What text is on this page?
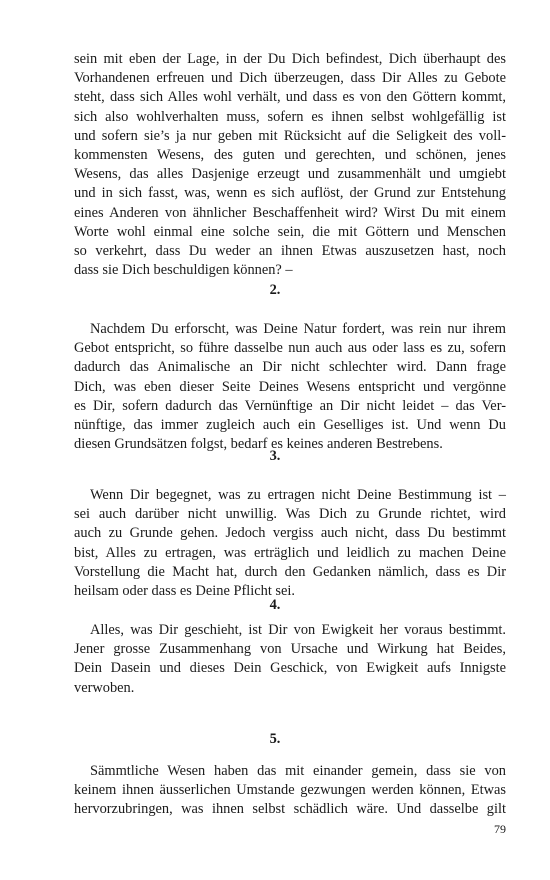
sein mit eben der Lage, in der Du Dich befindest, Dich überhaupt des
Vorhandenen erfreuen und Dich überzeugen, dass Dir Alles zu Gebote
steht, dass sich Alles wohl verhält, und dass es von den Göttern kommt,
sich also wohlverhalten muss, sofern es ihnen selbst wohlgefällig ist
und sofern sie’s ja nur geben mit Rücksicht auf die Seligkeit des voll-
kommensten Wesens, des guten und gerechten, und schönen, jenes
Wesens, das alles Dasjenige erzeugt und zusammenhält und umgiebt
und in sich fasst, was, wenn es sich auflöst, der Grund zur Entstehung
eines Anderen von ähnlicher Beschaffenheit wird? Wirst Du mit einem
Worte wohl einmal eine solche sein, die mit Göttern und Menschen
so verkehrt, dass Du weder an ihnen Etwas auszusetzen hast, noch
dass sie Dich beschuldigen können? –
2.
Nachdem Du erforscht, was Deine Natur fordert, was rein nur ihrem
Gebot entspricht, so führe dasselbe nun auch aus oder lass es zu, sofern
dadurch das Animalische an Dir nicht schlechter wird. Dann frage
Dich, was eben dieser Seite Deines Wesens entspricht und vergönne
es Dir, sofern dadurch das Vernünftige an Dir nicht leidet – das Ver-
nünftige, das immer zugleich auch ein Geselliges ist. Und wenn Du
diesen Grundsätzen folgst, bedarf es keines anderen Bestrebens.
3.
Wenn Dir begegnet, was zu ertragen nicht Deine Bestimmung ist –
sei auch darüber nicht unwillig. Was Dich zu Grunde richtet, wird
auch zu Grunde gehen. Jedoch vergiss auch nicht, dass Du bestimmt
bist, Alles zu ertragen, was erträglich und leidlich zu machen Deine
Vorstellung die Macht hat, durch den Gedanken nämlich, dass es Dir
heilsam oder dass es Deine Pflicht sei.
4.
Alles, was Dir geschieht, ist Dir von Ewigkeit her voraus bestimmt.
Jener grosse Zusammenhang von Ursache und Wirkung hat Beides,
Dein Dasein und dieses Dein Geschick, von Ewigkeit aufs Innigste
verwoben.
5.
Sämmtliche Wesen haben das mit einander gemein, dass sie von
keinem ihnen äusserlichen Umstande gezwungen werden können, Etwas
hervorzubringen, was ihnen selbst schädlich wäre. Und dasselbe gilt
79
